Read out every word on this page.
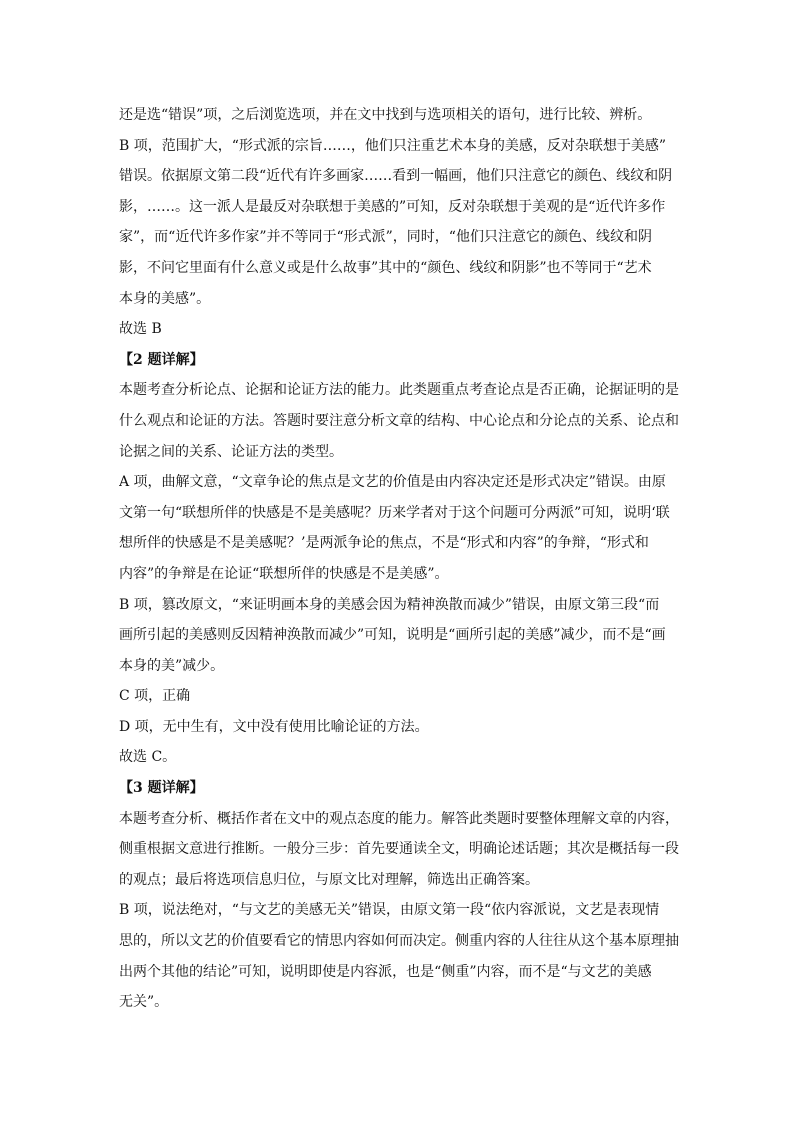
还是选“错误”项，之后浏览选项，并在文中找到与选项相关的语句，进行比较、辨析。
B 项，范围扩大，“形式派的宗旨……，他们只注重艺术本身的美感，反对杂联想于美感”
错误。依据原文第二段“近代有许多画家……看到一幅画，他们只注意它的颜色、线纹和阴
影，……。这一派人是最反对杂联想于美感的”可知，反对杂联想于美观的是“近代许多作
家”，而“近代许多作家”并不等同于“形式派”，同时，“他们只注意它的颜色、线纹和阴
影，不问它里面有什么意义或是什么故事”其中的“颜色、线纹和阴影”也不等同于“艺术
本身的美感”。
故选 B
【2 题详解】
本题考查分析论点、论据和论证方法的能力。此类题重点考查论点是否正确，论据证明的是
什么观点和论证的方法。答题时要注意分析文章的结构、中心论点和分论点的关系、论点和
论据之间的关系、论证方法的类型。
A 项，曲解文意，“文章争论的焦点是文艺的价值是由内容决定还是形式决定”错误。由原
文第一句“联想所伴的快感是不是美感呢？历来学者对于这个问题可分两派”可知，说明‘联
想所伴的快感是不是美感呢？’是两派争论的焦点，不是“形式和内容”的争辩，“形式和
内容”的争辩是在论证“联想所伴的快感是不是美感”。
B 项，篡改原文，“来证明画本身的美感会因为精神涣散而减少”错误，由原文第三段“而
画所引起的美感则反因精神涣散而减少”可知，说明是“画所引起的美感”减少，而不是“画
本身的美”减少。
C 项，正确
D 项，无中生有，文中没有使用比喻论证的方法。
故选 C。
【3 题详解】
本题考查分析、概括作者在文中的观点态度的能力。解答此类题时要整体理解文章的内容，
侧重根据文意进行推断。一般分三步：首先要通读全文，明确论述话题；其次是概括每一段
的观点；最后将选项信息归位，与原文比对理解，筛选出正确答案。
B 项，说法绝对，“与文艺的美感无关”错误，由原文第一段“依内容派说，文艺是表现情
思的，所以文艺的价值要看它的情思内容如何而决定。侧重内容的人往往从这个基本原理抽
出两个其他的结论”可知，说明即使是内容派，也是“侧重”内容，而不是“与文艺的美感
无关”。
